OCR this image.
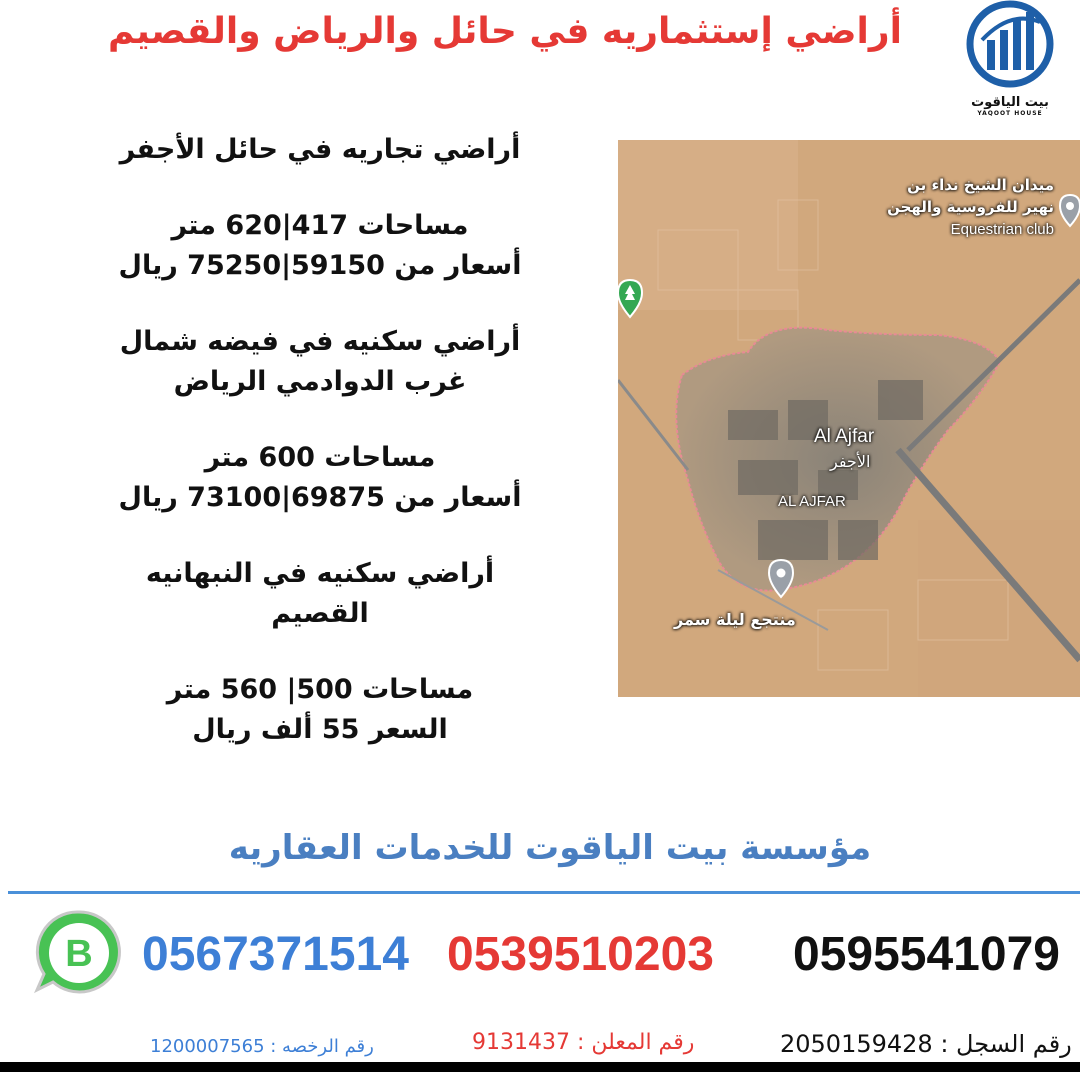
أراضي إستثماريه في حائل والرياض والقصيم
بيت الياقوت
YAQOOT HOUSE
أراضي تجاريه في حائل الأجفر
مساحات 417|620 متر
أسعار من 59150|75250 ريال
أراضي سكنيه في فيضه شمال
غرب الدوادمي الرياض
مساحات 600 متر
أسعار من 69875|73100 ريال
أراضي سكنيه في النبهانيه
القصيم
مساحات 500| 560 متر
السعر 55 ألف ريال
ميدان الشيخ نداء بن
نهير للفروسية والهجن
Equestrian club
Al Ajfar
الأجفر
AL AJFAR
منتجع ليلة سمر
مؤسسة بيت الياقوت للخدمات العقاريه
B 0567371514 0539510203 0595541079
رقم الرخصه : 1200007565	رقم المعلن : 9131437	رقم السجل : 2050159428
